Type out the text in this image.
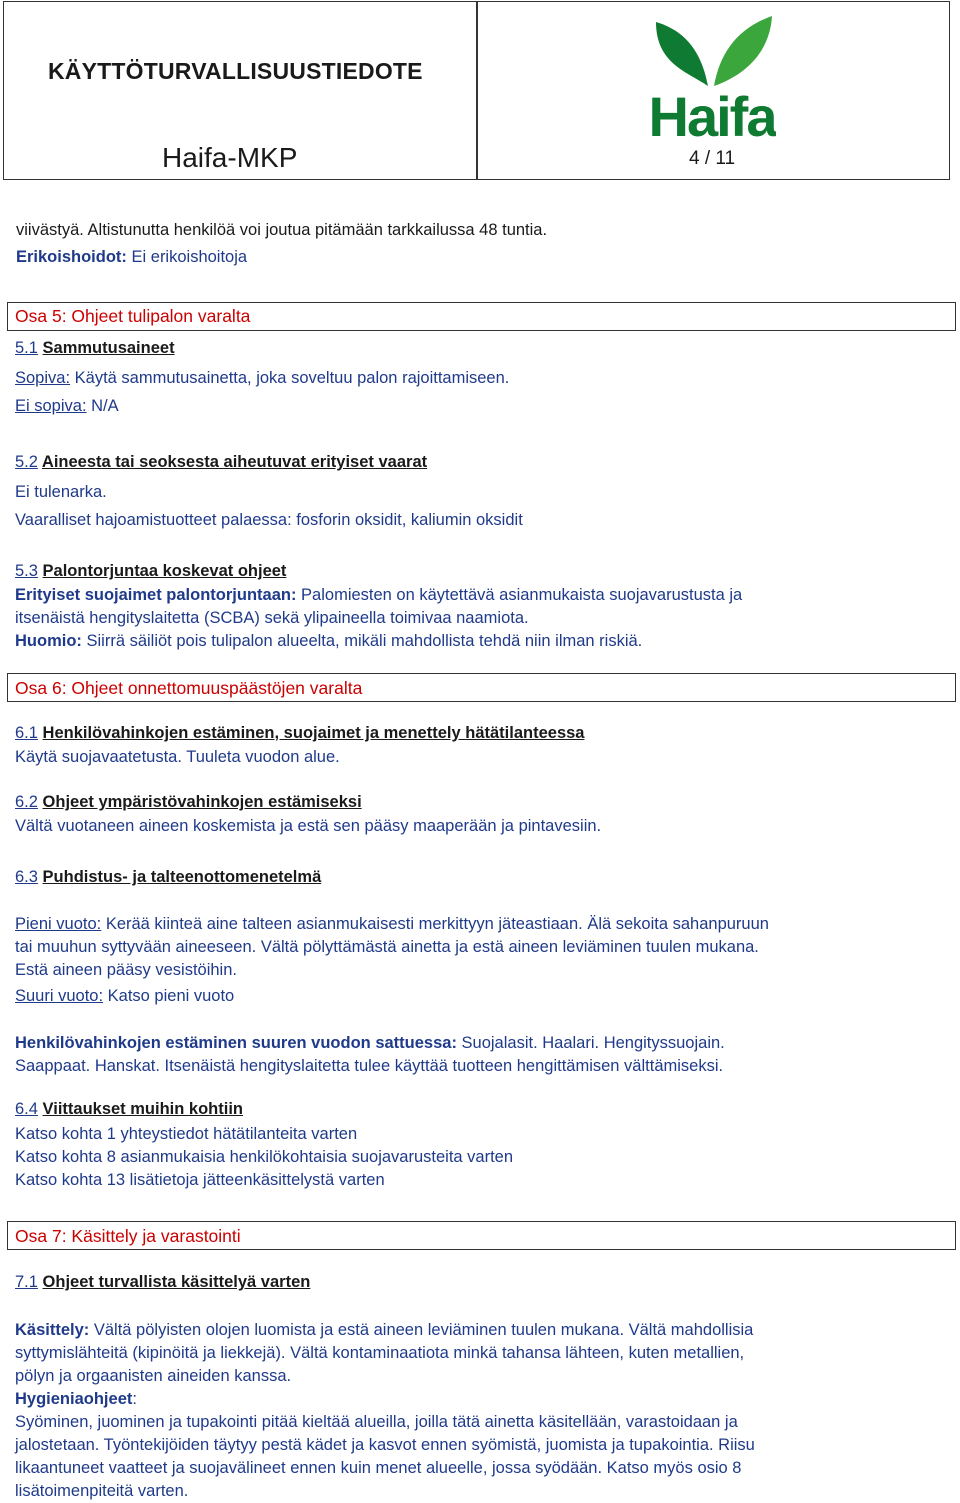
KÄYTTÖTURVALLISUUSTIEDOTE
Haifa-MKP	4 / 11
Haifa
viivästyä. Altistunutta henkilöä voi joutua pitämään tarkkailussa 48 tuntia.
Erikoishoidot: Ei erikoishoitoja
Osa 5: Ohjeet tulipalon varalta
5.1 Sammutusaineet
Sopiva: Käytä sammutusainetta, joka soveltuu palon rajoittamiseen.
Ei sopiva: N/A
5.2 Aineesta tai seoksesta aiheutuvat erityiset vaarat
Ei tulenarka.
Vaaralliset hajoamistuotteet palaessa: fosforin oksidit, kaliumin oksidit
5.3 Palontorjuntaa koskevat ohjeet
Erityiset suojaimet palontorjuntaan: Palomiesten on käytettävä asianmukaista suojavarustusta ja
itsenäistä hengityslaitetta (SCBA) sekä ylipaineella toimivaa naamiota.
Huomio: Siirrä säiliöt pois tulipalon alueelta, mikäli mahdollista tehdä niin ilman riskiä.
Osa 6: Ohjeet onnettomuuspäästöjen varalta
6.1 Henkilövahinkojen estäminen, suojaimet ja menettely hätätilanteessa
Käytä suojavaatetusta. Tuuleta vuodon alue.
6.2 Ohjeet ympäristövahinkojen estämiseksi
Vältä vuotaneen aineen koskemista ja estä sen pääsy maaperään ja pintavesiin.
6.3 Puhdistus- ja talteenottomenetelmä
Pieni vuoto: Kerää kiinteä aine talteen asianmukaisesti merkittyyn jäteastiaan. Älä sekoita sahanpuruun
tai muuhun syttyvään aineeseen. Vältä pölyttämästä ainetta ja estä aineen leviäminen tuulen mukana.
Estä aineen pääsy vesistöihin.
Suuri vuoto: Katso pieni vuoto
Henkilövahinkojen estäminen suuren vuodon sattuessa: Suojalasit. Haalari. Hengityssuojain.
Saappaat. Hanskat. Itsenäistä hengityslaitetta tulee käyttää tuotteen hengittämisen välttämiseksi.
6.4 Viittaukset muihin kohtiin
Katso kohta 1 yhteystiedot hätätilanteita varten
Katso kohta 8 asianmukaisia henkilökohtaisia suojavarusteita varten
Katso kohta 13 lisätietoja jätteenkäsittelystä varten
Osa 7: Käsittely ja varastointi
7.1 Ohjeet turvallista käsittelyä varten
Käsittely: Vältä pölyisten olojen luomista ja estä aineen leviäminen tuulen mukana. Vältä mahdollisia
syttymislähteitä (kipinöitä ja liekkejä). Vältä kontaminaatiota minkä tahansa lähteen, kuten metallien,
pölyn ja orgaanisten aineiden kanssa.
Hygieniaohjeet:
Syöminen, juominen ja tupakointi pitää kieltää alueilla, joilla tätä ainetta käsitellään, varastoidaan ja
jalostetaan. Työntekijöiden täytyy pestä kädet ja kasvot ennen syömistä, juomista ja tupakointia. Riisu
likaantuneet vaatteet ja suojavälineet ennen kuin menet alueelle, jossa syödään. Katso myös osio 8
lisätoimenpiteitä varten.
